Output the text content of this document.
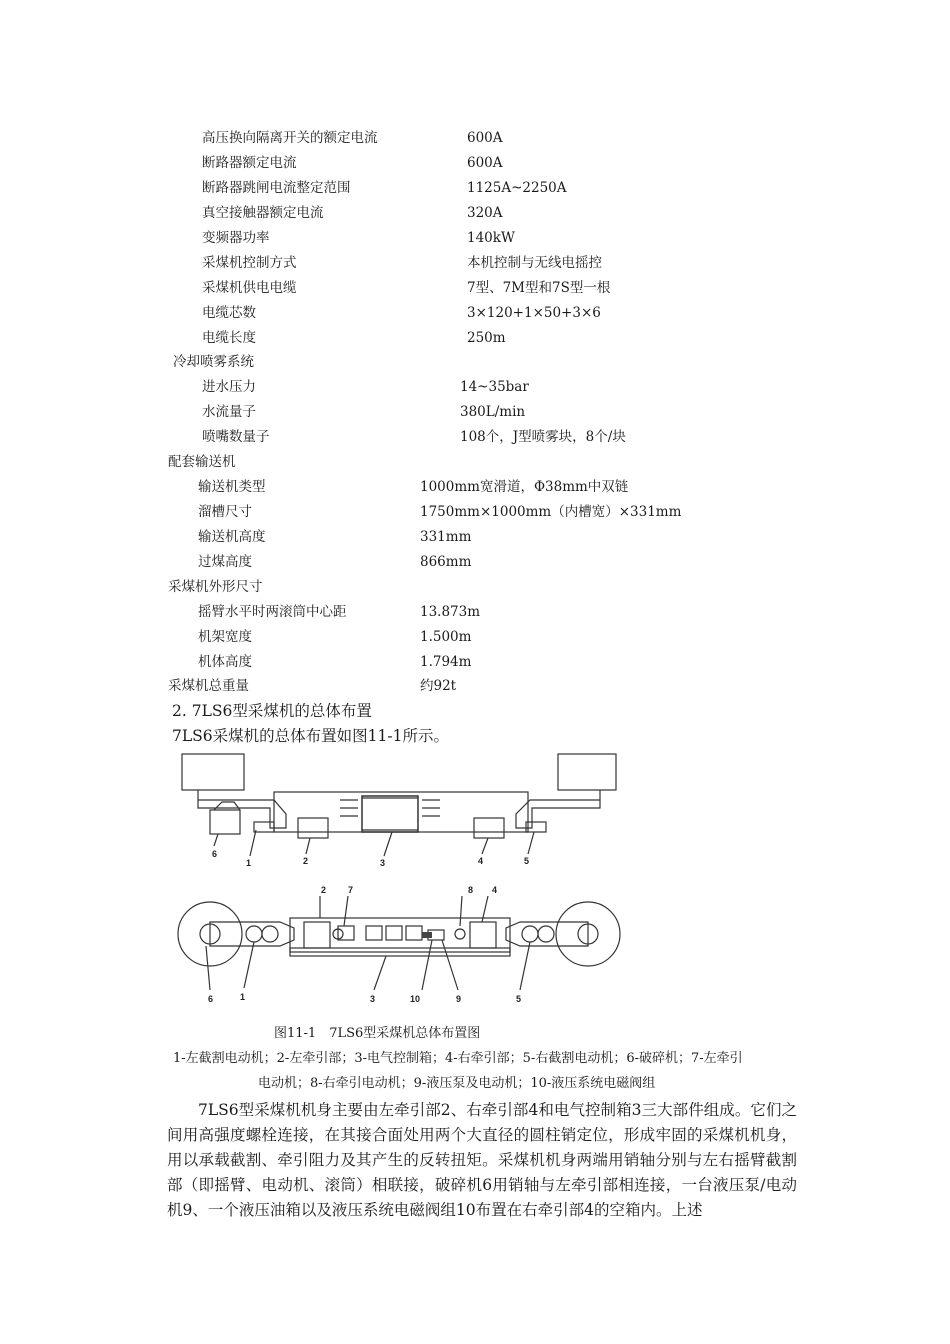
高压换向隔离开关的额定电流	600A
断路器额定电流	600A
断路器跳闸电流整定范围	1125A~2250A
真空接触器额定电流	320A
变频器功率	140kW
采煤机控制方式	本机控制与无线电摇控
采煤机供电电缆	7型、7M型和7S型一根
电缆芯数	3×120+1×50+3×6
电缆长度	250m
冷却喷雾系统
进水压力	14~35bar
水流量子	380L/min
喷嘴数量子	108个，J型喷雾块，8个/块
配套输送机
输送机类型	1000mm宽滑道，Φ38mm中双链
溜槽尺寸	1750mm×1000mm（内槽宽）×331mm
输送机高度	331mm
过煤高度	866mm
采煤机外形尺寸
摇臂水平时两滚筒中心距	13.873m
机架宽度	1.500m
机体高度	1.794m
采煤机总重量	约92t
2. 7LS6型采煤机的总体布置
7LS6采煤机的总体布置如图11-1所示。
6
1	2	3	4	5
2 7	8 4
6	1	3	10	9	5
图11-1　7LS6型采煤机总体布置图
1-左截割电动机；2-左牵引部；3-电气控制箱；4-右牵引部；5-右截割电动机；6-破碎机；7-左牵引
电动机；8-右牵引电动机；9-液压泵及电动机；10-液压系统电磁阀组
7LS6型采煤机机身主要由左牵引部2、右牵引部4和电气控制箱3三大部件组成。它们之间用高强度螺栓连接，在其接合面处用两个大直径的圆柱销定位，形成牢固的采煤机机身，用以承载截割、牵引阻力及其产生的反转扭矩。采煤机机身两端用销轴分别与左右摇臂截割部（即摇臂、电动机、滚筒）相联接，破碎机6用销轴与左牵引部相连接，一台液压泵/电动机9、一个液压油箱以及液压系统电磁阀组10布置在右牵引部4的空箱内。上述
